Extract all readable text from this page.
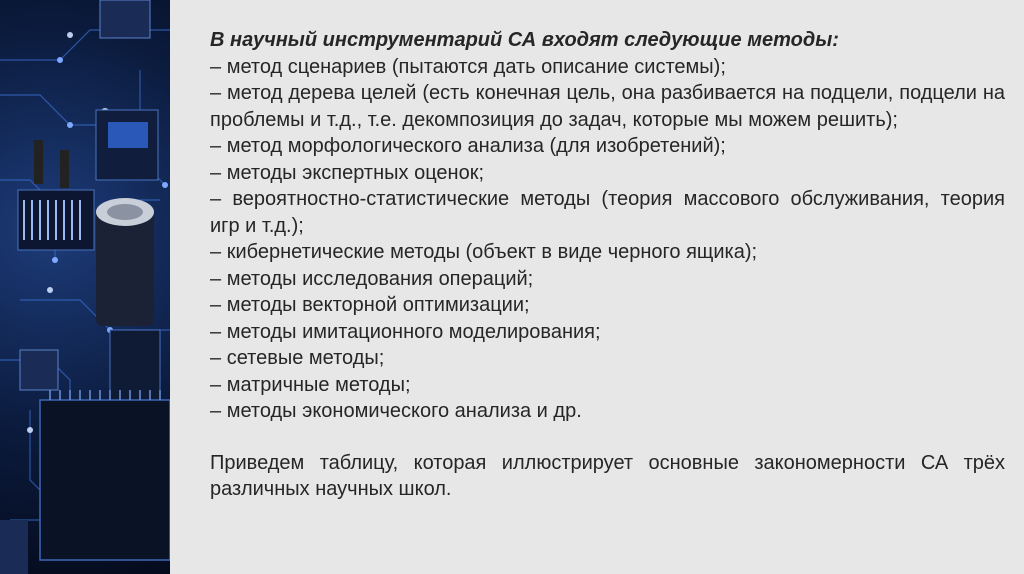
В научный инструментарий СА входят следующие методы:
– метод сценариев (пытаются дать описание системы);
– метод дерева целей (есть конечная цель, она разбивается на подцели, подцели на проблемы и т.д., т.е. декомпозиция до задач, которые мы можем решить);
– метод морфологического анализа (для изобретений);
– методы экспертных оценок;
– вероятностно-статистические методы (теория массового обслуживания, теория игр и т.д.);
– кибернетические методы (объект в виде черного ящика);
– методы исследования операций;
– методы векторной оптимизации;
– методы имитационного моделирования;
– сетевые методы;
– матричные методы;
– методы экономического анализа и др.
Приведем таблицу, которая иллюстрирует основные закономерности СА трёх различных научных школ.
